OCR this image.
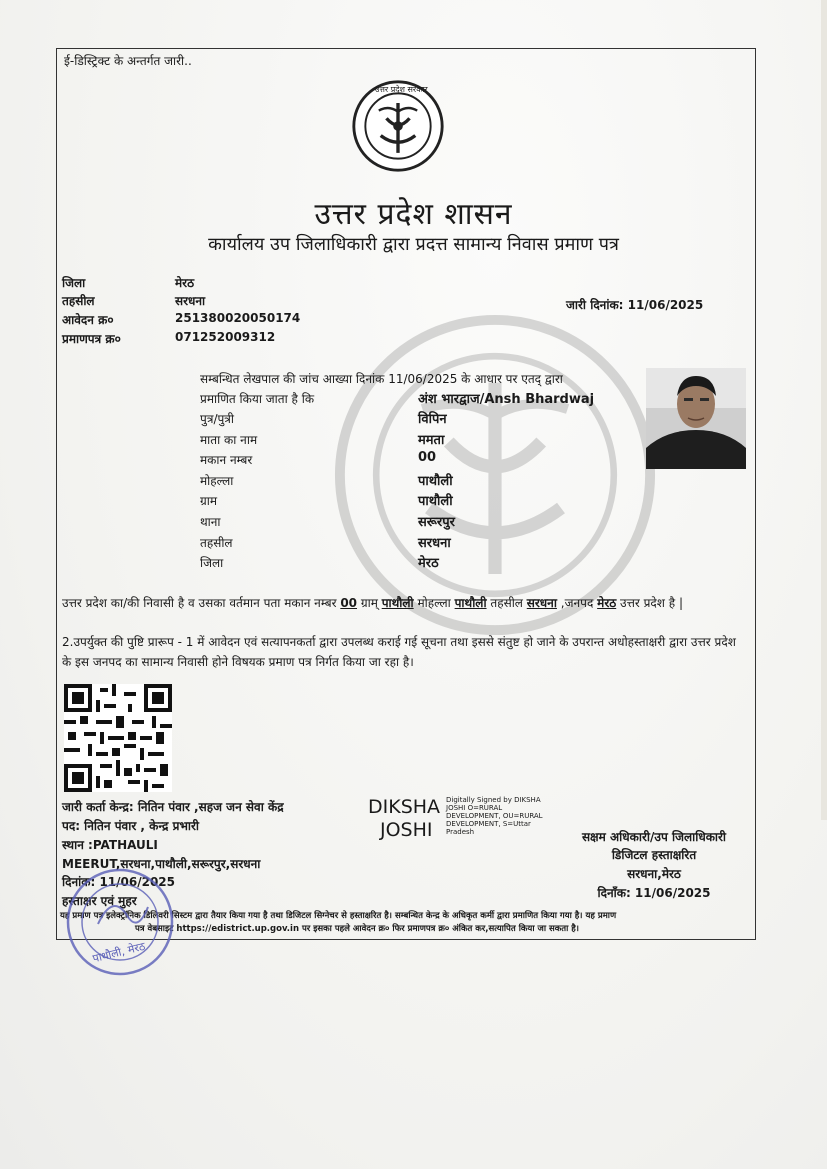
ई-डिस्ट्रिक्ट के अन्तर्गत जारी..
उत्तर प्रदेश सरकार
उत्तर प्रदेश शासन
कार्यालय उप जिलाधिकारी द्वारा प्रदत्त सामान्य निवास प्रमाण पत्र
जिला	मेरठ
तहसील	सरधना
आवेदन क्र०	251380020050174
प्रमाणपत्र क्र०	071252009312
जारी दिनांक: 11/06/2025
सम्बन्धित लेखपाल की जांच आख्या दिनांक 11/06/2025 के आधार पर एतद् द्वारा
प्रमाणित किया जाता है कि	अंश भारद्वाज/Ansh Bhardwaj
पुत्र/पुत्री	विपिन
माता का नाम	ममता
मकान नम्बर	00
मोहल्ला	पाथौली
ग्राम	पाथौली
थाना	सरूरपुर
तहसील	सरधना
जिला	मेरठ
उत्तर प्रदेश का/की निवासी है व उसका वर्तमान पता मकान नम्बर 00 ग्राम् पाथौली मोहल्ला पाथौली तहसील सरधना ,जनपद मेरठ उत्तर प्रदेश है |
2.उपर्युक्त की पुष्टि प्रारूप - 1 में आवेदन एवं सत्यापनकर्ता द्वारा उपलब्ध कराई गई सूचना तथा इससे संतुष्ट हो जाने के उपरान्त अधोहस्ताक्षरी द्वारा उत्तर प्रदेश के इस जनपद का सामान्य निवासी होने विषयक प्रमाण पत्र निर्गत किया जा रहा है।
जारी कर्ता केन्द्र: नितिन पंवार ,सहज जन सेवा केंद्र
पद: नितिन पंवार , केन्द्र प्रभारी
स्थान :PATHAULI
MEERUT,सरधना,पाथौली,सरूरपुर,सरधना
दिनांक: 11/06/2025
हस्ताक्षर एवं मुहर
DIKSHA
JOSHI
Digitally Signed by DIKSHA
JOSHI O=RURAL
DEVELOPMENT, OU=RURAL
DEVELOPMENT, S=Uttar
Pradesh	सक्षम अधिकारी/उप जिलाधिकारी
डिजिटल हस्ताक्षरित
सरधना,मेरठ
दिनाँक: 11/06/2025
यह प्रमाण पत्र इलेक्ट्रॉनिक डिलिवरी सिस्टम द्वारा तैयार किया गया है तथा डिजिटल सिग्नेचर से हस्ताक्षरित है। सम्बन्धित केन्द्र के अधिकृत कर्मी द्वारा प्रमाणित किया गया है। यह प्रमाण
पत्र वेबसाइट https://edistrict.up.gov.in पर इसका पहले आवेदन क्र० फिर प्रमाणपत्र क्र० अंकित कर,सत्यापित किया जा सकता है।
पाथौली, मेरठ
